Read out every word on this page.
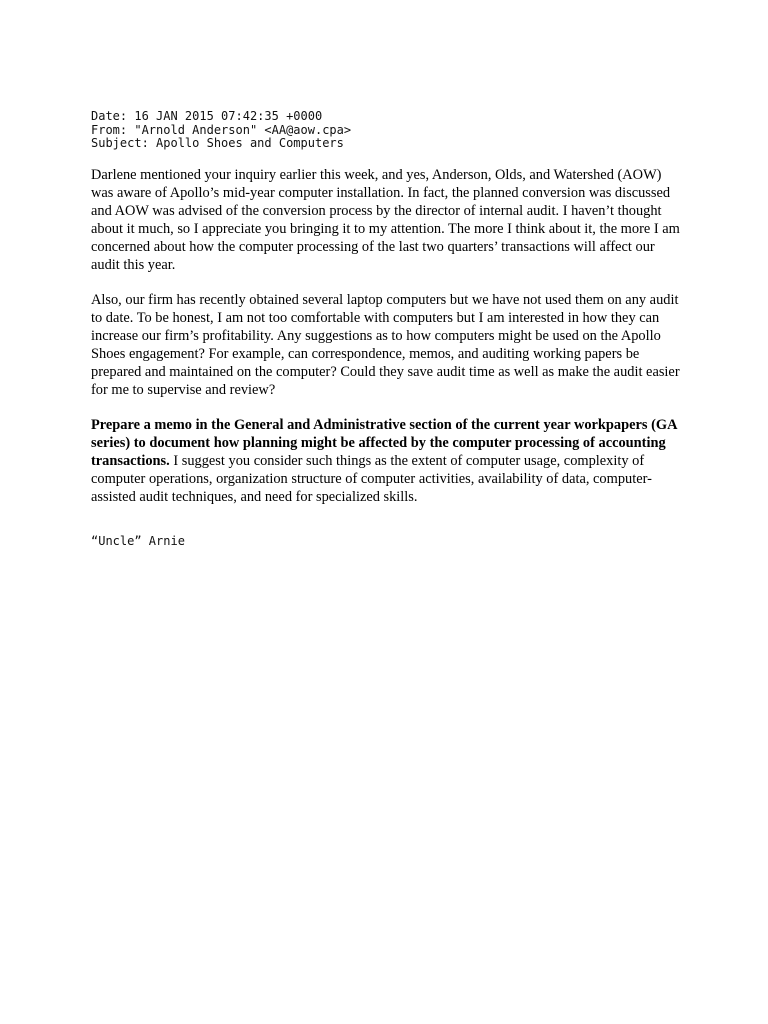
Date: 16 JAN 2015 07:42:35 +0000
From: "Arnold Anderson" <AA@aow.cpa>
Subject: Apollo Shoes and Computers

Darlene mentioned your inquiry earlier this week, and yes, Anderson, Olds, and Watershed (AOW) was aware of Apollo’s mid-year computer installation. In fact, the planned conversion was discussed and AOW was advised of the conversion process by the director of internal audit. I haven’t thought about it much, so I appreciate you bringing it to my attention. The more I think about it, the more I am concerned about how the computer processing of the last two quarters’ transactions will affect our audit this year.

Also, our firm has recently obtained several laptop computers but we have not used them on any audit to date. To be honest, I am not too comfortable with computers but I am interested in how they can increase our firm’s profitability. Any suggestions as to how computers might be used on the Apollo Shoes engagement? For example, can correspondence, memos, and auditing working papers be prepared and maintained on the computer? Could they save audit time as well as make the audit easier for me to supervise and review?

Prepare a memo in the General and Administrative section of the current year workpapers (GA series) to document how planning might be affected by the computer processing of accounting transactions. I suggest you consider such things as the extent of computer usage, complexity of computer operations, organization structure of computer activities, availability of data, computer-assisted audit techniques, and need for specialized skills.

“Uncle” Arnie
